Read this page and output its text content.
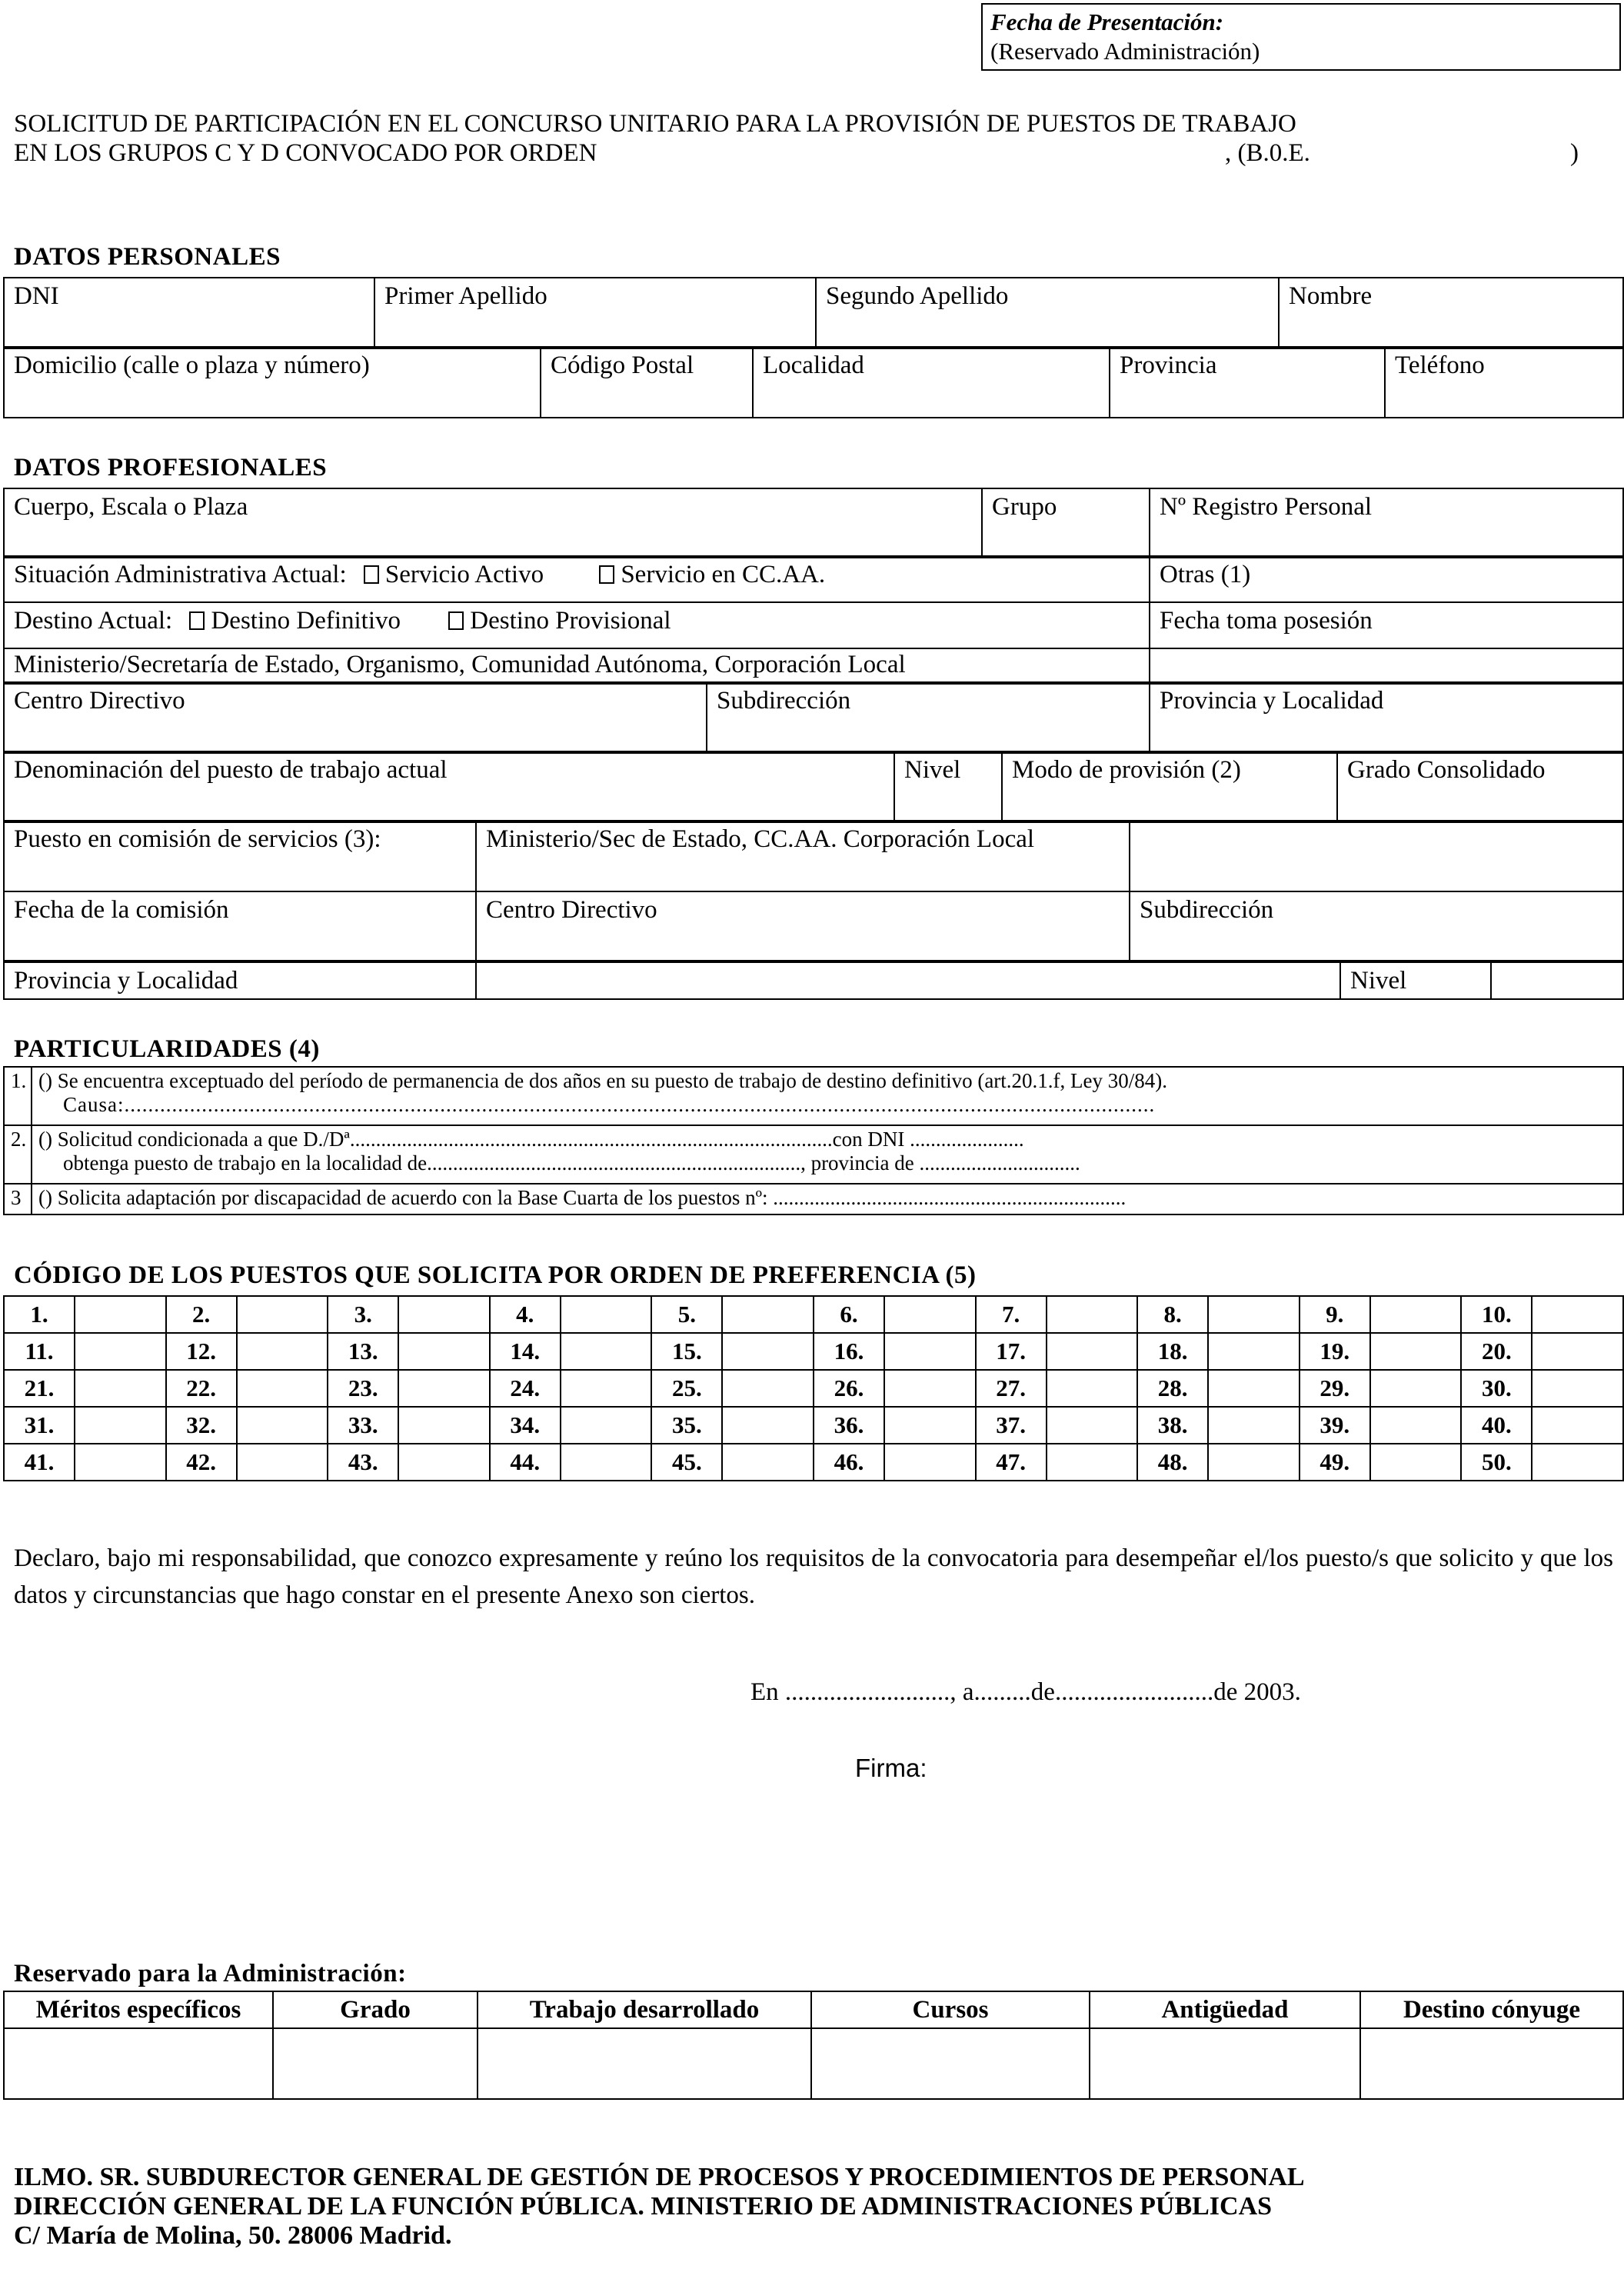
Fecha de Presentación:
(Reservado Administración)
SOLICITUD DE PARTICIPACIÓN EN EL CONCURSO UNITARIO PARA LA PROVISIÓN DE PUESTOS DE TRABAJO
EN LOS GRUPOS C Y D CONVOCADO POR ORDEN	, (B.0.E.	)
DATOS PERSONALES
DNI	Primer Apellido	Segundo Apellido	Nombre
Domicilio (calle o plaza y número)	Código Postal	Localidad	Provincia	Teléfono
DATOS PROFESIONALES
Cuerpo, Escala o Plaza	Grupo	Nº Registro Personal
Situación Administrativa Actual: Servicio Activo Servicio en CC.AA.	Otras (1)
Destino Actual: Destino Definitivo Destino Provisional	Fecha toma posesión
Ministerio/Secretaría de Estado, Organismo, Comunidad Autónoma, Corporación Local	
Centro Directivo	Subdirección	Provincia y Localidad
Denominación del puesto de trabajo actual	Nivel	Modo de provisión (2)	Grado Consolidado
Puesto en comisión de servicios (3):	Ministerio/Sec de Estado, CC.AA. Corporación Local	
Fecha de la comisión	Centro Directivo	Subdirección
Provincia y Localidad		Nivel	
PARTICULARIDADES (4)
1.	() Se encuentra exceptuado del período de permanencia de dos años en su puesto de trabajo de destino definitivo (art.20.1.f, Ley 30/84).
Causa:.............................................................................................................................................................................

2.	() Solicitud condicionada a que D./Dª.............................................................................................con DNI ......................
obtenga puesto de trabajo en la localidad de........................................................................, provincia de ...............................

3	() Solicita adaptación por discapacidad de acuerdo con la Base Cuarta de los puestos nº: ....................................................................
CÓDIGO DE LOS PUESTOS QUE SOLICITA POR ORDEN DE PREFERENCIA (5)
1.		2.		3.		4.		5.		6.		7.		8.		9.		10.	
11.		12.		13.		14.		15.		16.		17.		18.		19.		20.	
21.		22.		23.		24.		25.		26.		27.		28.		29.		30.	
31.		32.		33.		34.		35.		36.		37.		38.		39.		40.	
41.		42.		43.		44.		45.		46.		47.		48.		49.		50.	
Declaro, bajo mi responsabilidad, que conozco expresamente y reúno los requisitos de la convocatoria para desempeñar el/los puesto/s que solicito y que los datos y circunstancias que hago constar en el presente Anexo son ciertos.
En .........................., a.........de.........................de 2003.
Firma:
Reservado para la Administración:
Méritos específicos	Grado	Trabajo desarrollado	Cursos	Antigüedad	Destino cónyuge

ILMO. SR. SUBDURECTOR GENERAL DE GESTIÓN DE PROCESOS Y PROCEDIMIENTOS DE PERSONAL
DIRECCIÓN GENERAL DE LA FUNCIÓN PÚBLICA. MINISTERIO DE ADMINISTRACIONES PÚBLICAS
C/ María de Molina, 50. 28006 Madrid.
